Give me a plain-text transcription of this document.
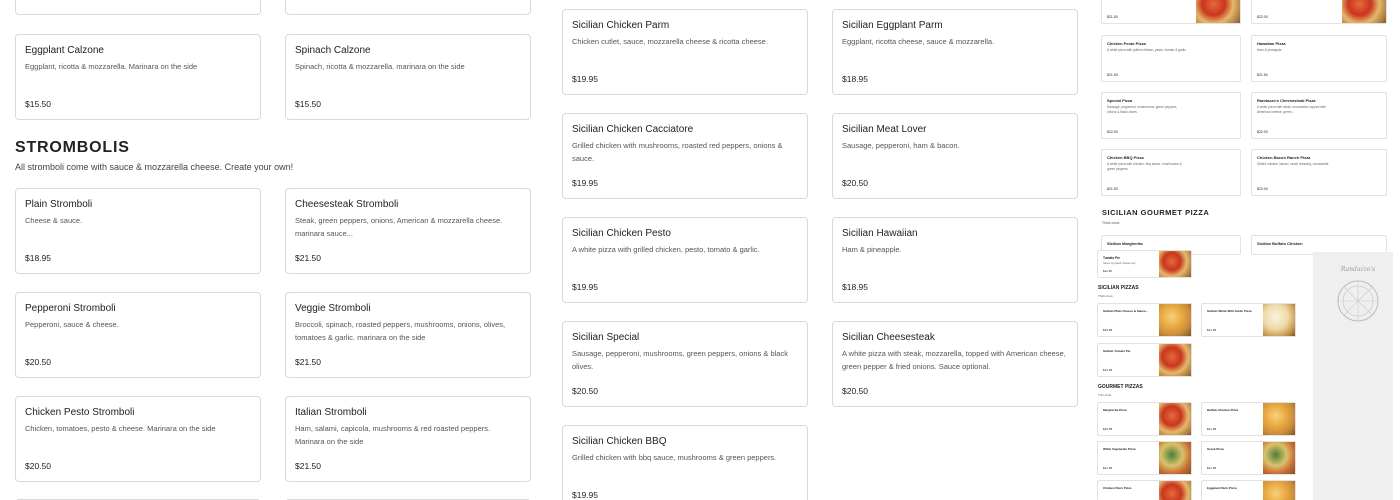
Eggplant Calzone
Eggplant, ricotta & mozzarella. Marinara on the side
$15.50
Spinach Calzone
Spinach, ricotta & mozzarella. marinara on the side
$15.50
STROMBOLIS
All stromboli come with sauce & mozzarella cheese. Create your own!
Plain Stromboli
Cheese & sauce.
$18.95
Cheesesteak Stromboli
Steak, green peppers, onions, American & mozzarella cheese. marinara sauce...
$21.50
Pepperoni Stromboli
Pepperoni, sauce & cheese.
$20.50
Veggie Stromboli
Broccoli, spinach, roasted peppers, mushrooms, onions, olives, tomatoes & garlic. marinara on the side
$21.50
Chicken Pesto Stromboli
Chicken, tomatoes, pesto & cheese. Marinara on the side
$20.50
Italian Stromboli
Ham, salami, capicola, mushrooms & red roasted peppers. Marinara on the side
$21.50
Sicilian Chicken Parm
Chicken cutlet, sauce, mozzarella cheese & ricotta cheese.
$19.95
Sicilian Eggplant Parm
Eggplant, ricotta cheese, sauce & mozzarella.
$18.95
Sicilian Chicken Cacciatore
Grilled chicken with mushrooms, roasted red peppers, onions & sauce.
$19.95
Sicilian Meat Lover
Sausage, pepperoni, ham & bacon.
$20.50
Sicilian Chicken Pesto
A white pizza with grilled chicken, pesto, tomato & garlic.
$19.95
Sicilian Hawaiian
Ham & pineapple.
$18.95
Sicilian Special
Sausage, pepperoni, mushrooms, green peppers, onions & black olives.
$20.50
Sicilian Cheesesteak
A white pizza with steak, mozzarella, topped with American cheese, green pepper & fried onions. Sauce optional.
$20.50
Sicilian Chicken BBQ
Grilled chicken with bbq sauce, mushrooms & green peppers.
$19.95
$21.50	$22.00
Chicken Pesto Pizza
A white pizza with grilled chicken, pesto, tomato & garlic.
$21.50
Hawaiian Pizza
Ham & pineapple.
$21.50
Special Pizza
Sausage, pepperoni, mushrooms, green peppers, onions & black olives.
$22.00
Randazzo's Cheesesteak Pizza
A white pizza with steak, mozzarella, topped with American cheese, green...
$22.00
Chicken BBQ Pizza
A white pizza with chicken, bbq sauce, mushrooms & green peppers.
$21.50
Chicken Bacon Ranch Pizza
Grilled chicken, bacon, ranch dressing, mozzarella.
$22.00
SICILIAN GOURMET PIZZA
Thick crust.
Sicilian Margherita	Sicilian Buffalo Chicken
Tomato Pie
Sauce & grated cheese only.
$11.95
SICILIAN PIZZAS
Thick crust.
Sicilian Plain Cheese & Sauce...
$16.95
Sicilian White With Garlic Pizza
$21.95
Sicilian Tomato Pie
$12.95
GOURMET PIZZAS
Thin crust.
Margherita Pizza
$16.95
Buffalo Chicken Pizza
$21.95
White Vegetarian Pizza
$21.95
Greek Pizza
$21.95
Chicken Parm Pizza	Eggplant Parm Pizza
Randazzo's
